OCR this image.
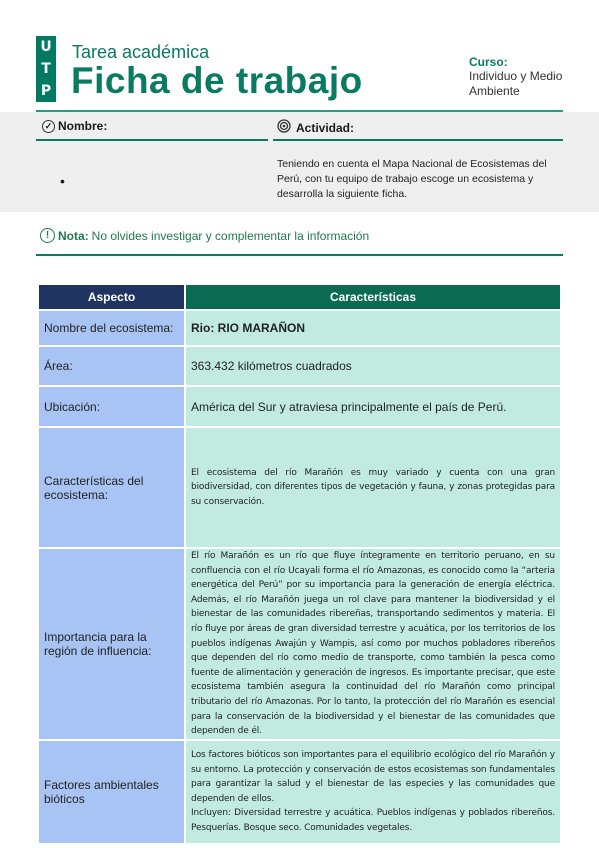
U
T
P
Tarea académica
Ficha de trabajo	Curso:
Individuo y Medio Ambiente
✓ Nombre:	Actividad:
•
Teniendo en cuenta el Mapa Nacional de Ecosistemas del Perú, con tu equipo de trabajo escoge un ecosistema y desarrolla la siguiente ficha.
! Nota: No olvides investigar y complementar la información
Aspecto	Características
Nombre del ecosistema:	Rio: RIO MARAÑON
Área:	363.432 kilómetros cuadrados
Ubicación:	América del Sur y atraviesa principalmente el país de Perú.
Características del ecosistema:	El ecosistema del río Marañón es muy variado y cuenta con una gran biodiversidad, con diferentes tipos de vegetación y fauna, y zonas protegidas para su conservación.
Importancia para la región de influencia:	El río Marañón es un río que fluye íntegramente en territorio peruano, en su confluencia con el río Ucayali forma el río Amazonas, es conocido como la “arteria energética del Perú” por su importancia para la generación de energía eléctrica. Además, el río Marañón juega un rol clave para mantener la biodiversidad y el bienestar de las comunidades ribereñas, transportando sedimentos y materia. El río fluye por áreas de gran diversidad terrestre y acuática, por los territorios de los pueblos indígenas Awajún y Wampis, así como por muchos pobladores ribereños que dependen del río como medio de transporte, como también la pesca como fuente de alimentación y generación de ingresos. Es importante precisar, que este ecosistema también asegura la continuidad del río Marañón como principal tributario del río Amazonas. Por lo tanto, la protección del río Marañón es esencial para la conservación de la biodiversidad y el bienestar de las comunidades que dependen de él.
Factores ambientales bióticos	Los factores bióticos son importantes para el equilibrio ecológico del río Marañón y su entorno. La protección y conservación de estos ecosistemas son fundamentales para garantizar la salud y el bienestar de las especies y las comunidades que dependen de ellos.
Incluyen: Diversidad terrestre y acuática. Pueblos indígenas y poblados ribereños. Pesquerías. Bosque seco. Comunidades vegetales.
